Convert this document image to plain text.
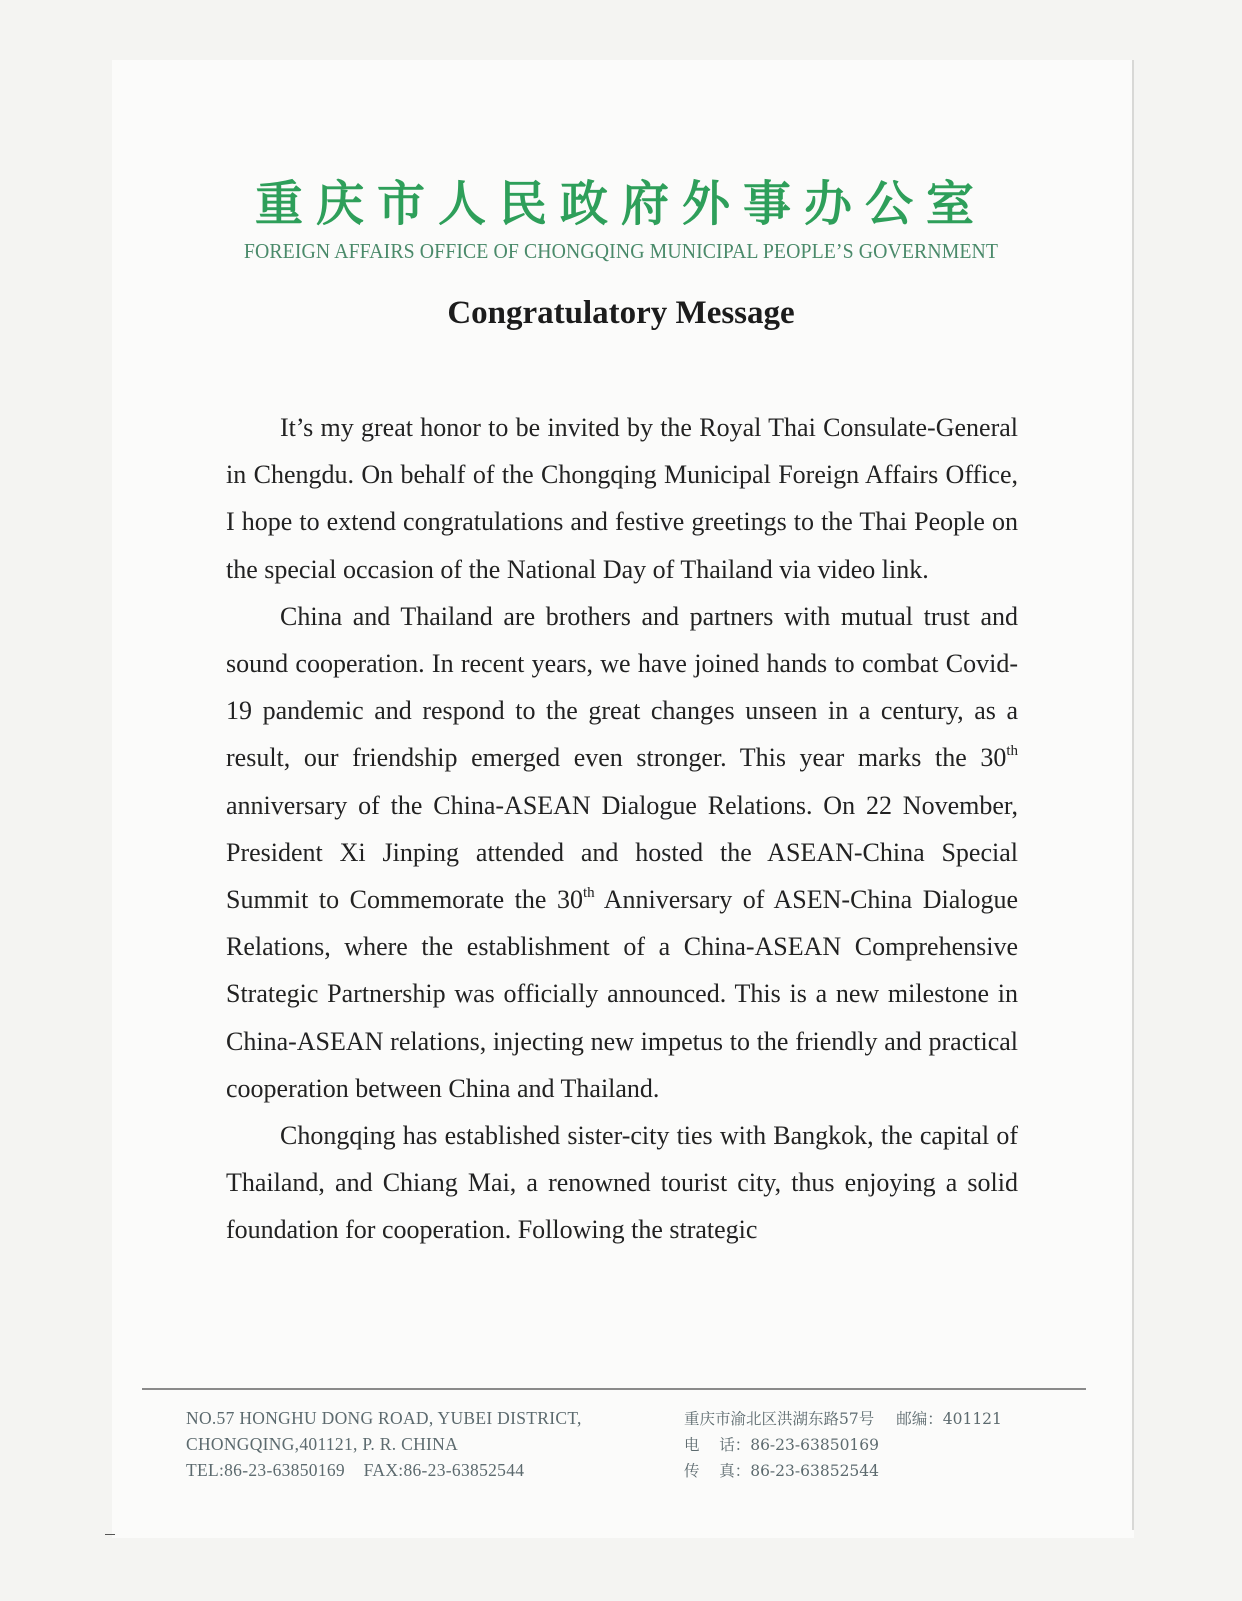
重庆市人民政府外事办公室
FOREIGN AFFAIRS OFFICE OF CHONGQING MUNICIPAL PEOPLE’S GOVERNMENT
Congratulatory Message

It’s my great honor to be invited by the Royal Thai Consulate-General in Chengdu. On behalf of the Chongqing Municipal Foreign Affairs Office, I hope to extend congratulations and festive greetings to the Thai People on the special occasion of the National Day of Thailand via video link.

China and Thailand are brothers and partners with mutual trust and sound cooperation. In recent years, we have joined hands to combat Covid-19 pandemic and respond to the great changes unseen in a century, as a result, our friendship emerged even stronger. This year marks the 30th anniversary of the China-ASEAN Dialogue Relations. On 22 November, President Xi Jinping attended and hosted the ASEAN-China Special Summit to Commemorate the 30th Anniversary of ASEN-China Dialogue Relations, where the establishment of a China-ASEAN Comprehensive Strategic Partnership was officially announced. This is a new milestone in China-ASEAN relations, injecting new impetus to the friendly and practical cooperation between China and Thailand.

Chongqing has established sister-city ties with Bangkok, the capital of Thailand, and Chiang Mai, a renowned tourist city, thus enjoying a solid foundation for cooperation. Following the strategic

NO.57 HONGHU DONG ROAD, YUBEI DISTRICT,
CHONGQING,401121, P. R. CHINA
TEL:86-23-63850169    FAX:86-23-63852544
重庆市渝北区洪湖东路57号 邮编：401121
电    话：86-23-63850169
传    真：86-23-63852544
